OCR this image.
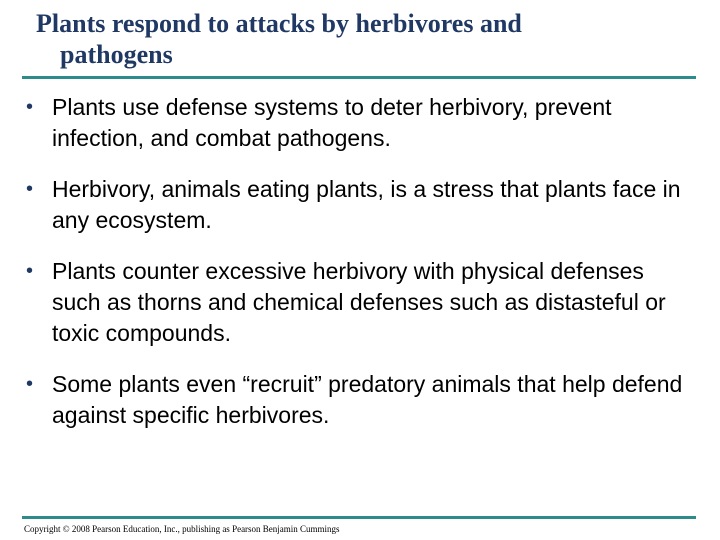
Plants respond to attacks by herbivores and
pathogens
• Plants use defense systems to deter herbivory, prevent infection, and combat pathogens.
• Herbivory, animals eating plants, is a stress that plants face in any ecosystem.
• Plants counter excessive herbivory with physical defenses such as thorns and chemical defenses such as distasteful or toxic compounds.
• Some plants even “recruit” predatory animals that help defend against specific herbivores.
Copyright © 2008 Pearson Education, Inc., publishing as Pearson Benjamin Cummings
